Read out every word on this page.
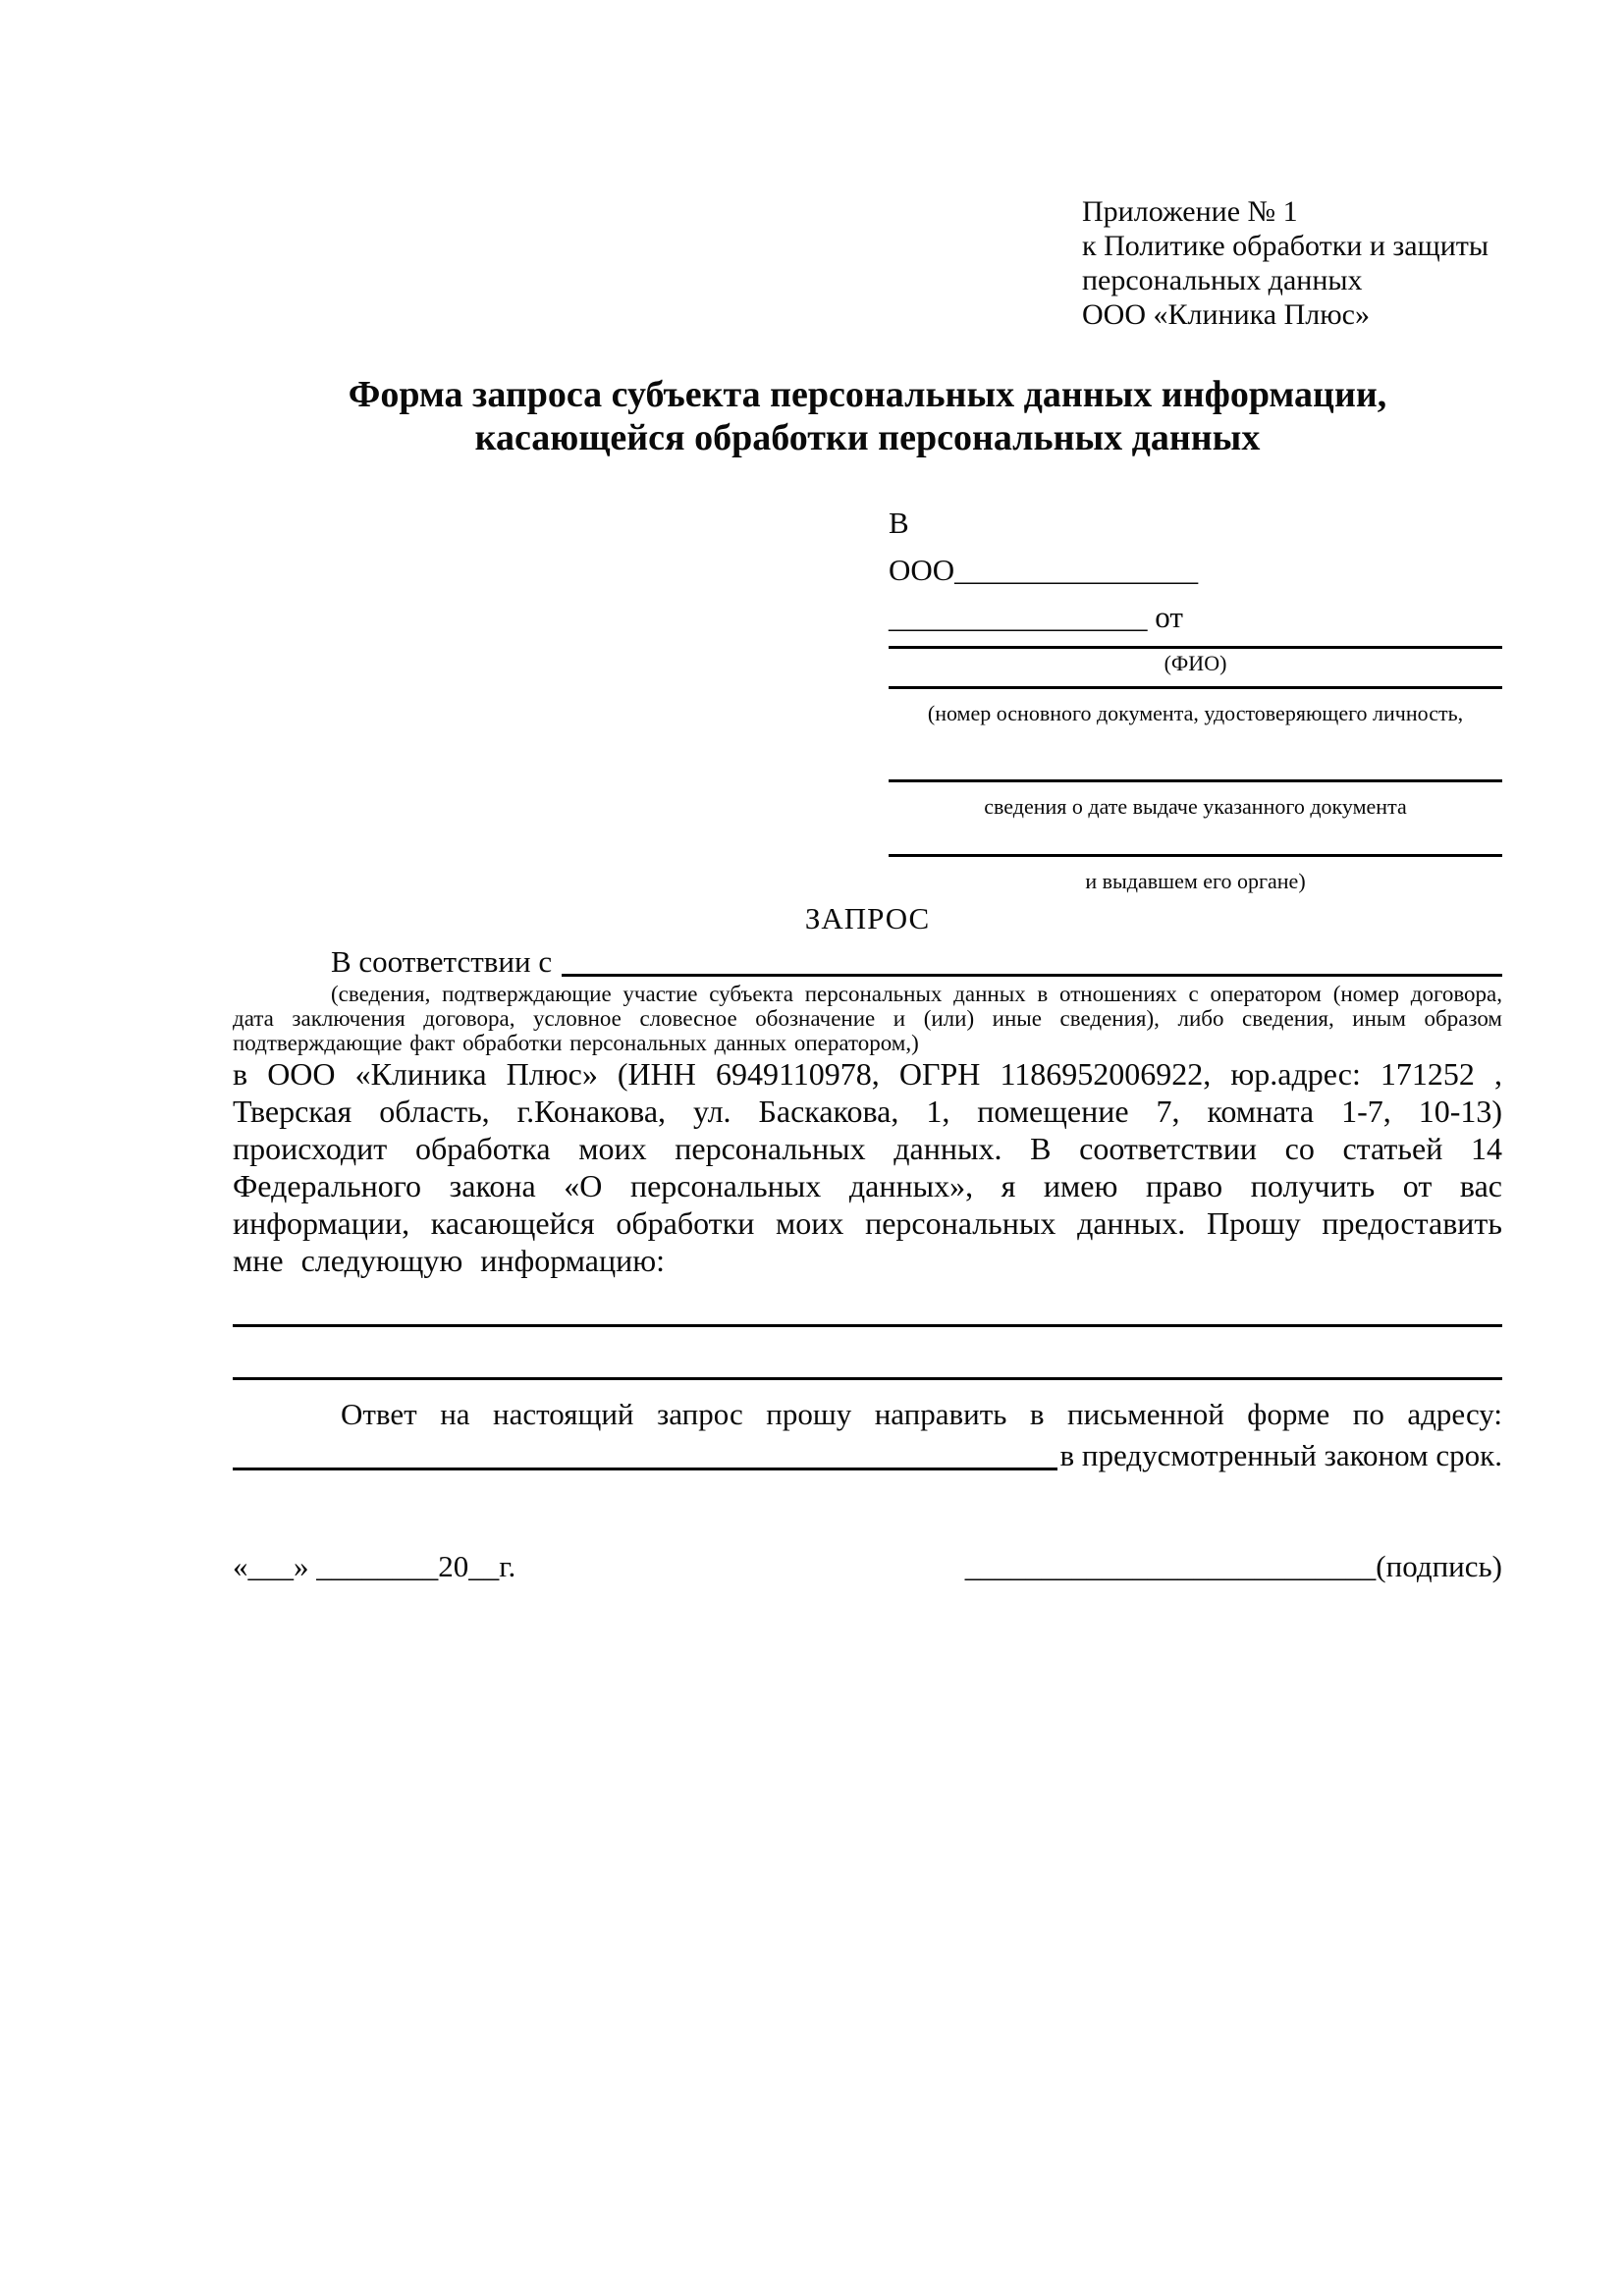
Приложение № 1
к Политике обработки и защиты
персональных данных
ООО «Клиника Плюс»
Форма запроса субъекта персональных данных информации,
касающейся обработки персональных данных
В
ООО________________
_________________ от
(ФИО)
(номер основного документа, удостоверяющего личность,
сведения о дате выдаче указанного документа
и выдавшем его органе)
ЗАПРОС
В соответствии с
(сведения, подтверждающие участие субъекта персональных данных в отношениях с оператором (номер договора, дата заключения договора, условное словесное обозначение и (или) иные сведения), либо сведения, иным образом подтверждающие факт обработки персональных данных оператором,)
в ООО «Клиника Плюс» (ИНН 6949110978, ОГРН 1186952006922, юр.адрес: 171252 , Тверская область, г.Конакова, ул. Баскакова, 1, помещение 7, комната 1-7, 10-13) происходит обработка моих персональных данных. В соответствии со статьей 14 Федерального закона «О персональных данных», я имею право получить от вас информации, касающейся обработки моих персональных данных. Прошу предоставить мне следующую информацию:
Ответ на настоящий запрос прошу направить в письменной форме по адресу:
в предусмотренный законом срок.
«___» ________20__г.	___________________________(подпись)
